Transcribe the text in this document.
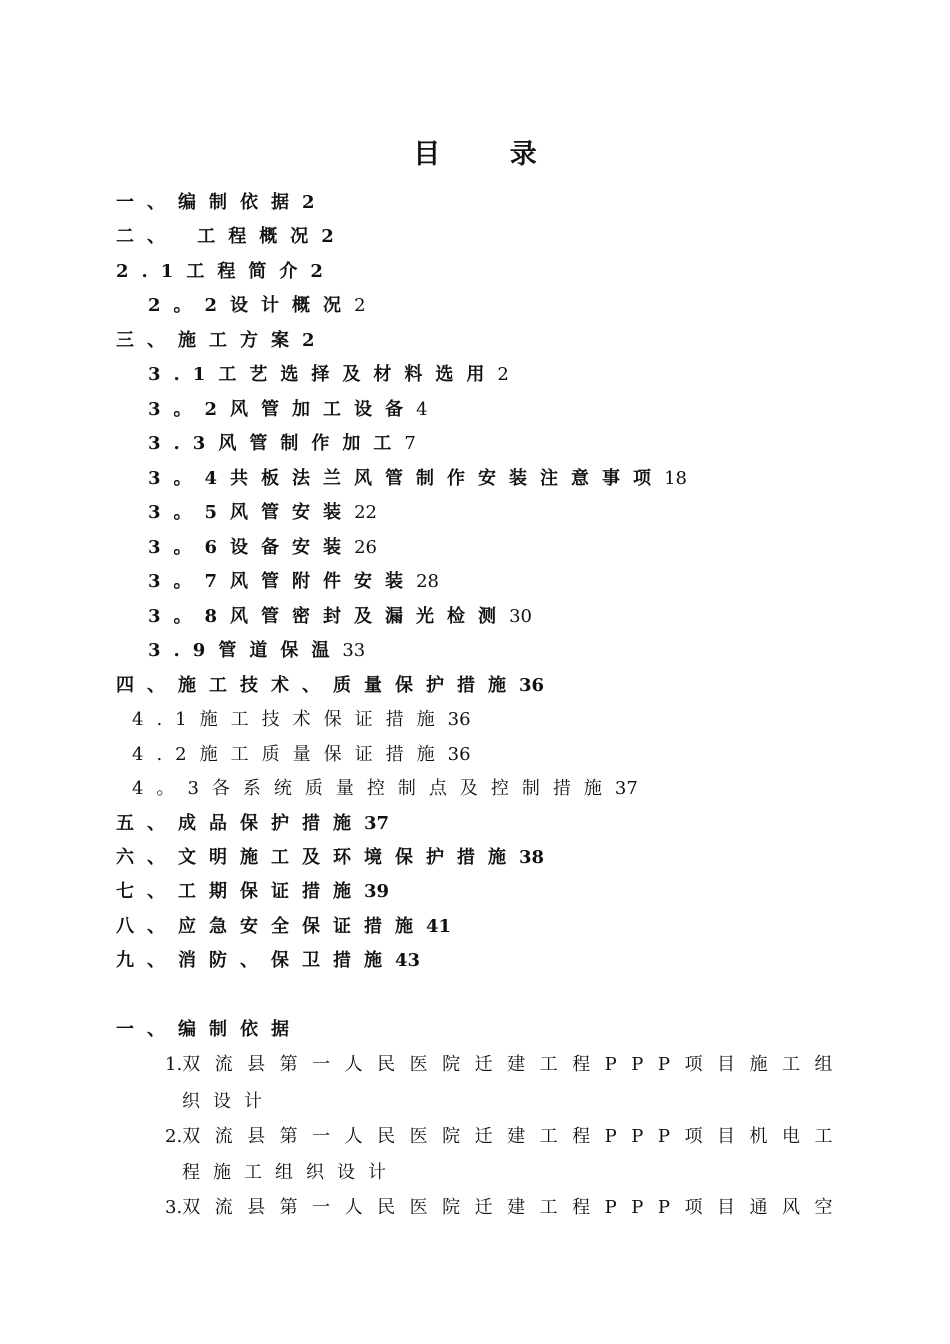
目 录
一、编制依据2
二、 工程概况2
2.1工程简介2
2。2设计概况2
三、施工方案2
3.1工艺选择及材料选用2
3。2风管加工设备4
3.3风管制作加工7
3。4共板法兰风管制作安装注意事项18
3。5风管安装22
3。6设备安装26
3。7风管附件安装28
3。8风管密封及漏光检测30
3.9管道保温33
四、施工技术、质量保护措施36
4.1施工技术保证措施36
4.2施工质量保证措施36
4。3各系统质量控制点及控制措施37
五、成品保护措施37
六、文明施工及环境保护措施38
七、工期保证措施39
八、应急安全保证措施41
九、消防、保卫措施43
一、编制依据
1.双流县第一人民医院迁建工程PPP项目施工组
织设计
2.双流县第一人民医院迁建工程PPP项目机电工
程施工组织设计
3.双流县第一人民医院迁建工程PPP项目通风空
